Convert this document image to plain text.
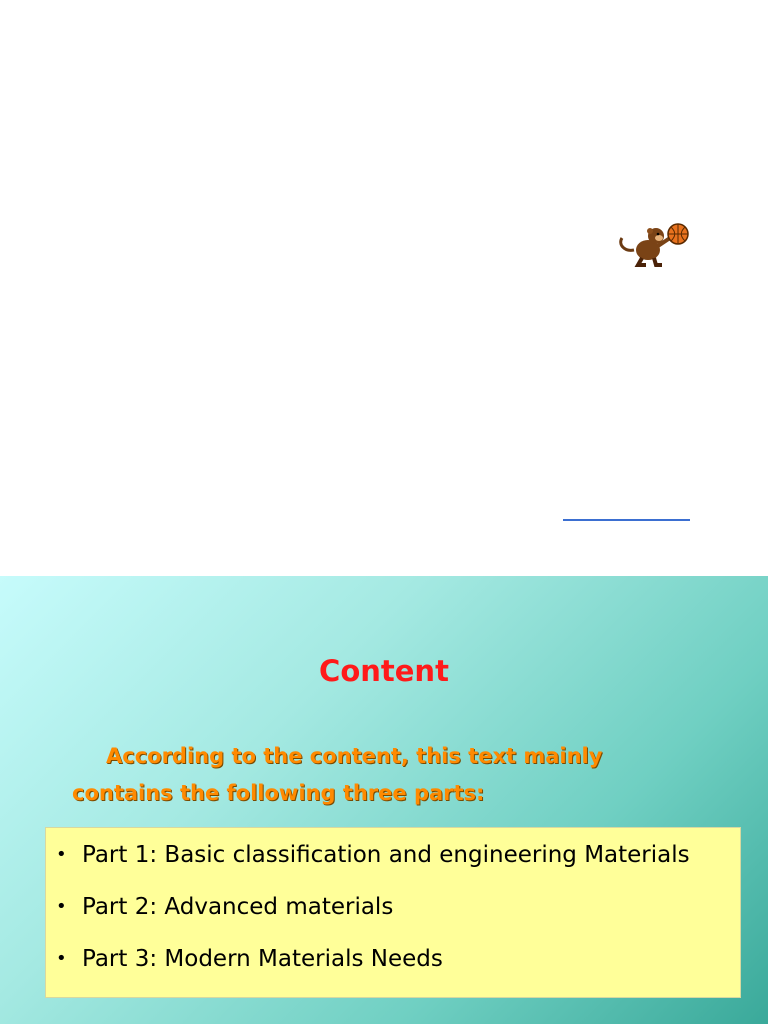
Content
According to the content, this text mainly
contains the following three parts:
• Part 1: Basic classification and engineering Materials
• Part 2: Advanced materials
• Part 3: Modern Materials Needs
